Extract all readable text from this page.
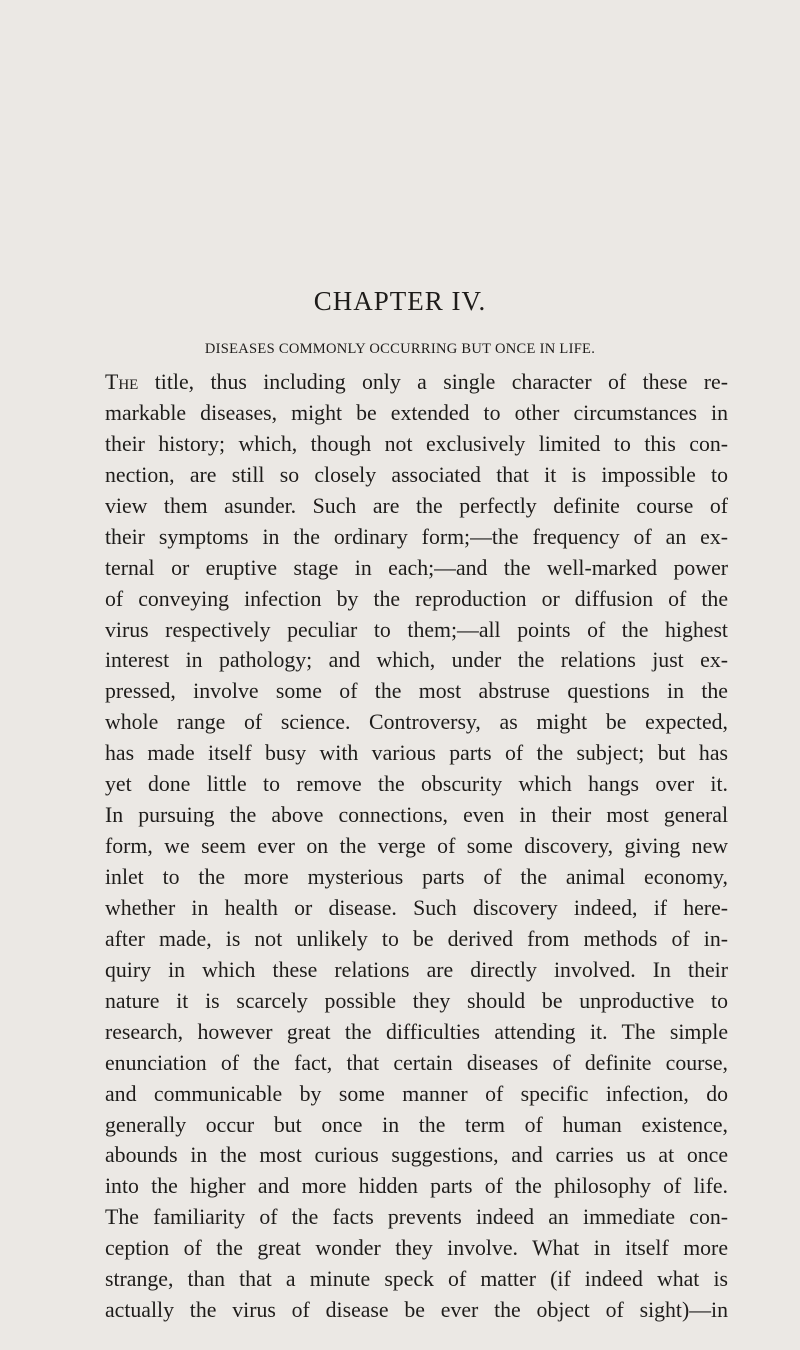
CHAPTER IV.
DISEASES COMMONLY OCCURRING BUT ONCE IN LIFE.
The title, thus including only a single character of these re-
markable diseases, might be extended to other circumstances in
their history; which, though not exclusively limited to this con-
nection, are still so closely associated that it is impossible to
view them asunder. Such are the perfectly definite course of
their symptoms in the ordinary form;—the frequency of an ex-
ternal or eruptive stage in each;—and the well-marked power
of conveying infection by the reproduction or diffusion of the
virus respectively peculiar to them;—all points of the highest
interest in pathology; and which, under the relations just ex-
pressed, involve some of the most abstruse questions in the
whole range of science. Controversy, as might be expected,
has made itself busy with various parts of the subject; but has
yet done little to remove the obscurity which hangs over it.
In pursuing the above connections, even in their most general
form, we seem ever on the verge of some discovery, giving new
inlet to the more mysterious parts of the animal economy,
whether in health or disease. Such discovery indeed, if here-
after made, is not unlikely to be derived from methods of in-
quiry in which these relations are directly involved. In their
nature it is scarcely possible they should be unproductive to
research, however great the difficulties attending it. The simple
enunciation of the fact, that certain diseases of definite course,
and communicable by some manner of specific infection, do
generally occur but once in the term of human existence,
abounds in the most curious suggestions, and carries us at once
into the higher and more hidden parts of the philosophy of life.
The familiarity of the facts prevents indeed an immediate con-
ception of the great wonder they involve. What in itself more
strange, than that a minute speck of matter (if indeed what is
actually the virus of disease be ever the object of sight)—in
